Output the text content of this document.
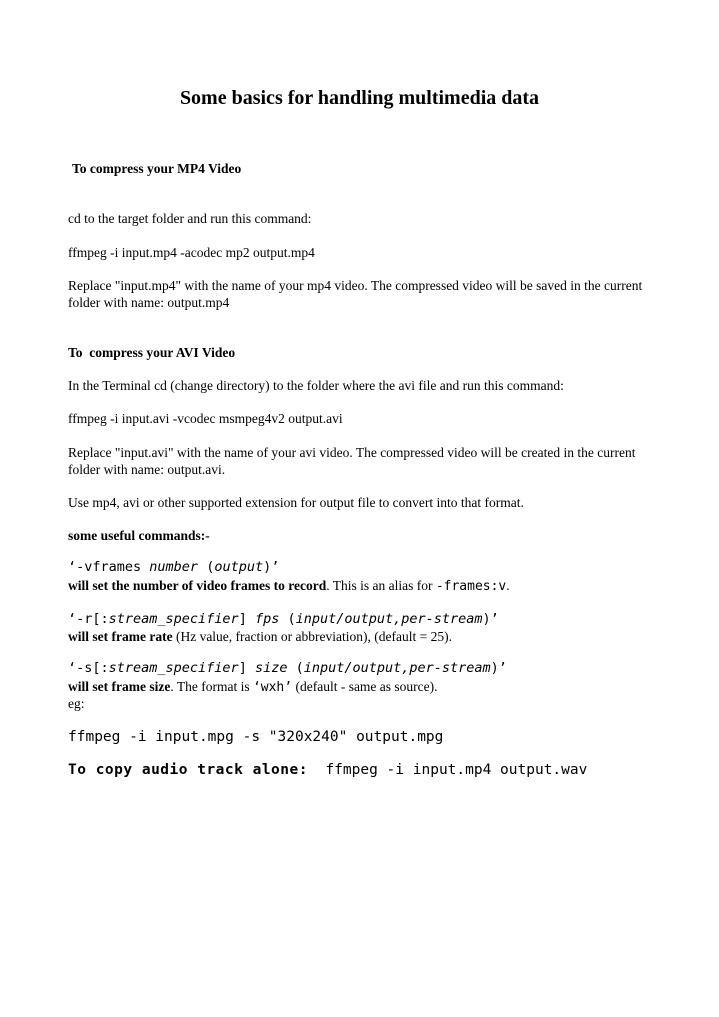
Some basics for handling multimedia data
To compress your MP4 Video
cd to the target folder and run this command:
ffmpeg -i input.mp4 -acodec mp2 output.mp4
Replace "input.mp4" with the name of your mp4 video. The compressed video will be saved in the current folder with name: output.mp4
To  compress your AVI Video
In the Terminal cd (change directory) to the folder where the avi file and run this command:
ffmpeg -i input.avi -vcodec msmpeg4v2 output.avi
Replace "input.avi" with the name of your avi video. The compressed video will be created in the current folder with name: output.avi.
Use mp4, avi or other supported extension for output file to convert into that format.
some useful commands:-
‘-vframes number (output)’
will set the number of video frames to record. This is an alias for -frames:v.
‘-r[:stream_specifier] fps (input/output,per-stream)’
will set frame rate (Hz value, fraction or abbreviation), (default = 25).
‘-s[:stream_specifier] size (input/output,per-stream)’
will set frame size. The format is ‘wxh’ (default - same as source).
eg:
ffmpeg -i input.mpg -s "320x240" output.mpg
To copy audio track alone: ffmpeg -i input.mp4 output.wav
